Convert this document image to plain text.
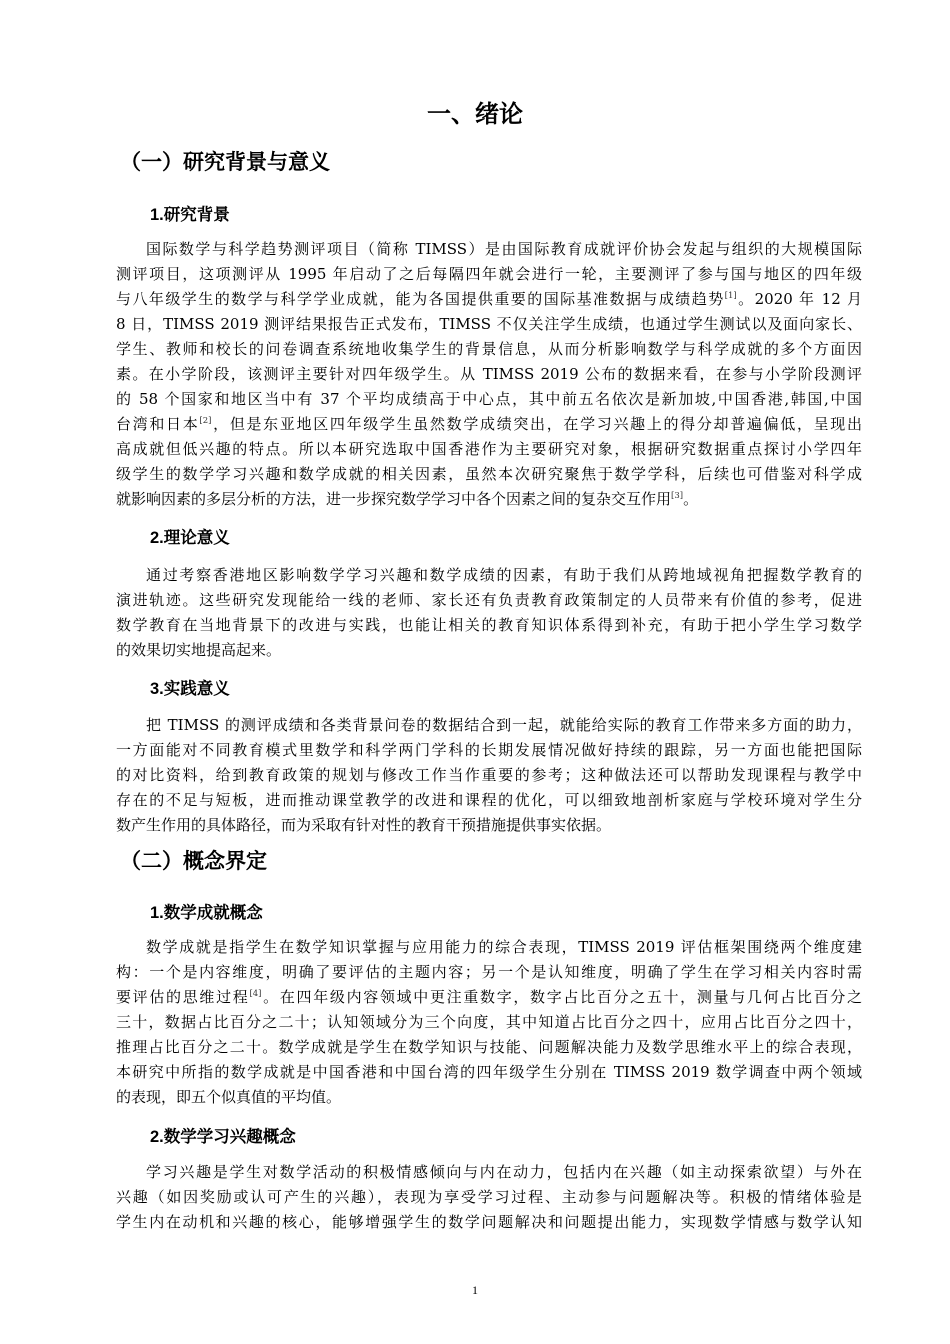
一、绪论
（一）研究背景与意义
1.研究背景
国际数学与科学趋势测评项目（简称 TIMSS）是由国际教育成就评价协会发起与组织的大规模国际
测评项目，这项测评从 1995 年启动了之后每隔四年就会进行一轮，主要测评了参与国与地区的四年级
与八年级学生的数学与科学学业成就，能为各国提供重要的国际基准数据与成绩趋势[1]。2020 年 12 月
8 日，TIMSS 2019 测评结果报告正式发布，TIMSS 不仅关注学生成绩，也通过学生测试以及面向家长、
学生、教师和校长的问卷调查系统地收集学生的背景信息，从而分析影响数学与科学成就的多个方面因
素。在小学阶段，该测评主要针对四年级学生。从 TIMSS 2019 公布的数据来看，在参与小学阶段测评
的 58 个国家和地区当中有 37 个平均成绩高于中心点，其中前五名依次是新加坡,中国香港,韩国,中国
台湾和日本[2]，但是东亚地区四年级学生虽然数学成绩突出，在学习兴趣上的得分却普遍偏低，呈现出
高成就但低兴趣的特点。所以本研究选取中国香港作为主要研究对象，根据研究数据重点探讨小学四年
级学生的数学学习兴趣和数学成就的相关因素，虽然本次研究聚焦于数学学科，后续也可借鉴对科学成
就影响因素的多层分析的方法，进一步探究数学学习中各个因素之间的复杂交互作用[3]。
2.理论意义
通过考察香港地区影响数学学习兴趣和数学成绩的因素，有助于我们从跨地域视角把握数学教育的
演进轨迹。这些研究发现能给一线的老师、家长还有负责教育政策制定的人员带来有价值的参考，促进
数学教育在当地背景下的改进与实践，也能让相关的教育知识体系得到补充，有助于把小学生学习数学
的效果切实地提高起来。
3.实践意义
把 TIMSS 的测评成绩和各类背景问卷的数据结合到一起，就能给实际的教育工作带来多方面的助力，
一方面能对不同教育模式里数学和科学两门学科的长期发展情况做好持续的跟踪，另一方面也能把国际
的对比资料，给到教育政策的规划与修改工作当作重要的参考；这种做法还可以帮助发现课程与教学中
存在的不足与短板，进而推动课堂教学的改进和课程的优化，可以细致地剖析家庭与学校环境对学生分
数产生作用的具体路径，而为采取有针对性的教育干预措施提供事实依据。
（二）概念界定
1.数学成就概念
数学成就是指学生在数学知识掌握与应用能力的综合表现，TIMSS 2019 评估框架围绕两个维度建
构：一个是内容维度，明确了要评估的主题内容；另一个是认知维度，明确了学生在学习相关内容时需
要评估的思维过程[4]。在四年级内容领域中更注重数字，数字占比百分之五十，测量与几何占比百分之
三十，数据占比百分之二十；认知领域分为三个向度，其中知道占比百分之四十，应用占比百分之四十，
推理占比百分之二十。数学成就是学生在数学知识与技能、问题解决能力及数学思维水平上的综合表现，
本研究中所指的数学成就是中国香港和中国台湾的四年级学生分别在 TIMSS 2019 数学调查中两个领域
的表现，即五个似真值的平均值。
2.数学学习兴趣概念
学习兴趣是学生对数学活动的积极情感倾向与内在动力，包括内在兴趣（如主动探索欲望）与外在
兴趣（如因奖励或认可产生的兴趣），表现为享受学习过程、主动参与问题解决等。积极的情绪体验是
学生内在动机和兴趣的核心，能够增强学生的数学问题解决和问题提出能力，实现数学情感与数学认知
1
